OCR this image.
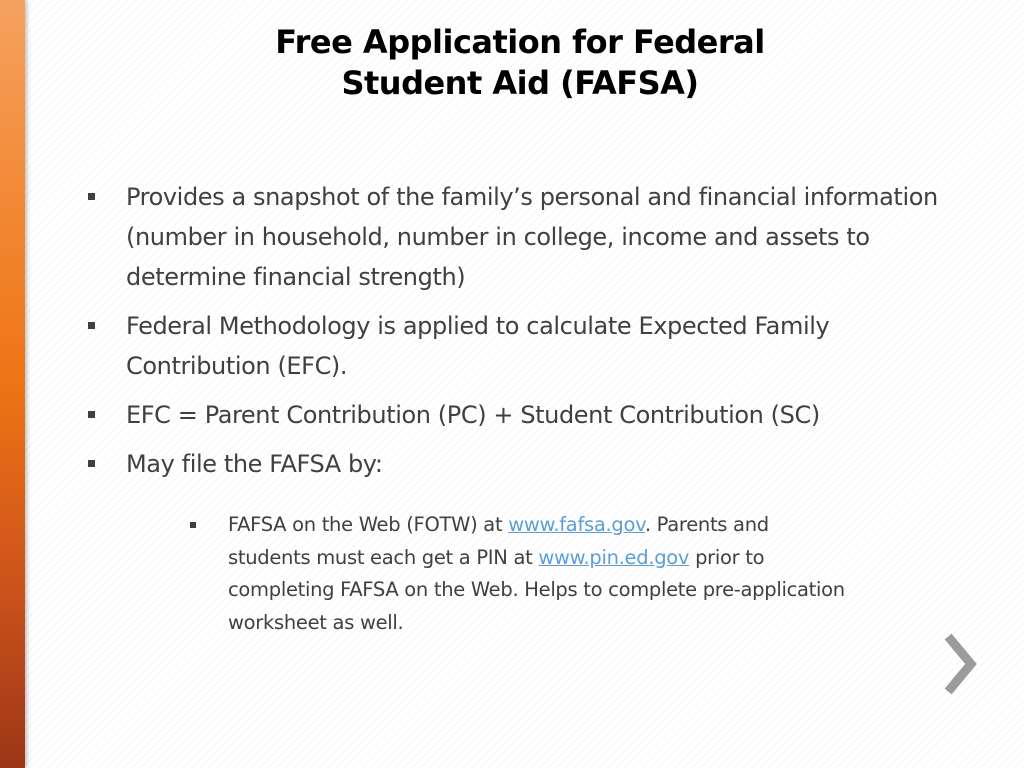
Free Application for Federal
Student Aid (FAFSA)
Provides a snapshot of the family’s personal and financial information (number in household, number in college, income and assets to determine financial strength)
Federal Methodology is applied to calculate Expected Family Contribution (EFC).
EFC = Parent Contribution (PC) + Student Contribution (SC)
May file the FAFSA by:
FAFSA on the Web (FOTW) at www.fafsa.gov. Parents and students must each get a PIN at www.pin.ed.gov prior to completing FAFSA on the Web. Helps to complete pre-application worksheet as well.
